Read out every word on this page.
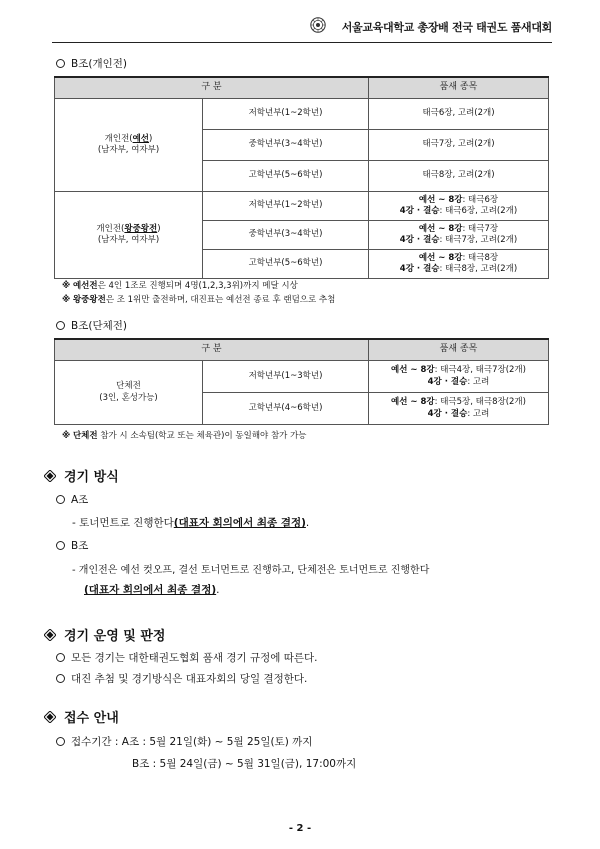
서울교육대학교 총장배 전국 태권도 품새대회
B조(개인전)
구 분		품새 종목
개인전(예선)
(남자부, 여자부)	저학년부(1~2학년)	태극6장, 고려(2개)
	중학년부(3~4학년)	태극7장, 고려(2개)
	고학년부(5~6학년)	태극8장, 고려(2개)
개인전(왕중왕전)
(남자부, 여자부)	저학년부(1~2학년)	예선 ~ 8강: 태극6장
4강 · 결승: 태극6장, 고려(2개)
	중학년부(3~4학년)	예선 ~ 8강: 태극7장
4강 · 결승: 태극7장, 고려(2개)
	고학년부(5~6학년)	예선 ~ 8강: 태극8장
4강 · 결승: 태극8장, 고려(2개)
※ 예선전은 4인 1조로 진행되며 4명(1,2,3,3위)까지 메달 시상
※ 왕중왕전은 조 1위만 출전하며, 대진표는 예선전 종료 후 랜덤으로 추첨
B조(단체전)
구 분		품새 종목
단체전
(3인, 혼성가능)	저학년부(1~3학년)	예선 ~ 8강: 태극4장, 태극7장(2개)
4강 · 결승: 고려
	고학년부(4~6학년)	예선 ~ 8강: 태극5장, 태극8장(2개)
4강 · 결승: 고려
※ 단체전 참가 시 소속팀(학교 또는 체육관)이 동일해야 참가 가능
경기 방식
A조
- 토너먼트로 진행한다(대표자 회의에서 최종 결정).
B조
- 개인전은 예선 컷오프, 결선 토너먼트로 진행하고, 단체전은 토너먼트로 진행한다
(대표자 회의에서 최종 결정).
경기 운영 및 판정
모든 경기는 대한태권도협회 품새 경기 규정에 따른다.
대진 추첨 및 경기방식은 대표자회의 당일 결정한다.
접수 안내
접수기간 : A조 : 5월 21일(화) ~ 5월 25일(토) 까지
B조 : 5월 24일(금) ~ 5월 31일(금), 17:00까지
- 2 -
